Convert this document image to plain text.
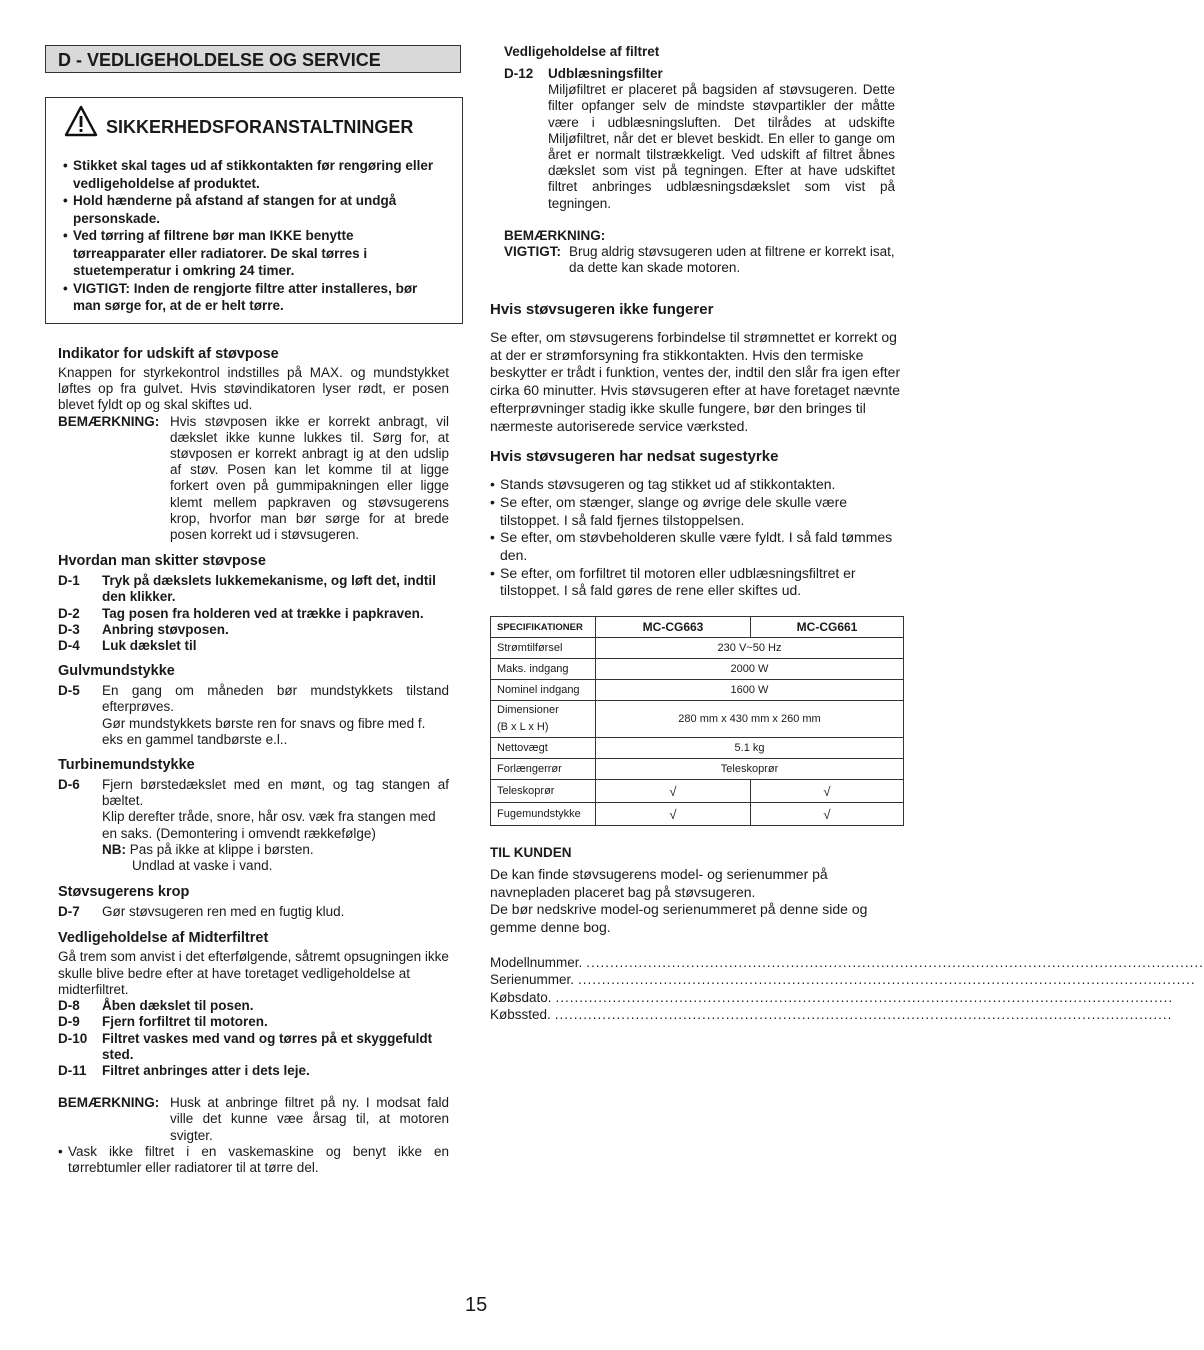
D - VEDLIGEHOLDELSE OG SERVICE
SIKKERHEDSFORANSTALTNINGER
• Stikket skal tages ud af stikkontakten før rengøring eller vedligeholdelse af produktet.
• Hold hænderne på afstand af stangen for at undgå personskade.
• Ved tørring af filtrene bør man IKKE benytte tørreapparater eller radiatorer. De skal tørres i stuetemperatur i omkring 24 timer.
• VIGTIGT: Inden de rengjorte filtre atter installeres, bør man sørge for, at de er helt tørre.

Indikator for udskift af støvpose

Knappen for styrkekontrol indstilles på MAX. og mundstykket løftes op fra gulvet. Hvis støvindikatoren lyser rødt, er posen blevet fyldt op og skal skiftes ud.

BEMÆRKNING: Hvis støvposen ikke er korrekt anbragt, vil dækslet ikke kunne lukkes til. Sørg for, at støvposen er korrekt anbragt ig at den udslip af støv. Posen kan let komme til at ligge forkert oven på gummipakningen eller ligge klemt mellem papkraven og støvsugerens krop, hvorfor man bør sørge for at brede posen korrekt ud i støvsugeren.

Hvordan man skitter støvpose

D-1	Tryk på dækslets lukkemekanisme, og løft det, indtil den klikker.
D-2	Tag posen fra holderen ved at trække i papkraven.
D-3	Anbring støvposen.
D-4	Luk dækslet til

Gulvmundstykke

D-5	En gang om måneden bør mundstykkets tilstand efterprøves.
Gør mundstykkets børste ren for snavs og fibre med f. eks en gammel tandbørste e.l..

Turbinemundstykke

D-6	Fjern børstedækslet med en mønt, og tag stangen af bæltet.
Klip derefter tråde, snore, hår osv. væk fra stangen med en saks. (Demontering i omvendt rækkefølge)
NB: Pas på ikke at klippe i børsten.
Undlad at vaske i vand.

Støvsugerens krop

D-7	Gør støvsugeren ren med en fugtig klud.

Vedligeholdelse af Midterfiltret

Gå trem som anvist i det efterfølgende, såtremt opsugningen ikke skulle blive bedre efter at have toretaget vedligeholdelse at midterfiltret.

D-8	Åben dækslet til posen.
D-9	Fjern forfiltret til motoren.
D-10	Filtret vaskes med vand og tørres på et skyggefuldt sted.
D-11	Filtret anbringes atter i dets leje.
BEMÆRKNING: Husk at anbringe filtret på ny. I modsat fald ville det kunne væe årsag til, at motoren svigter.
• Vask ikke filtret i en vaskemaskine og benyt ikke en tørrebtumler eller radiatorer til at tørre del.

Vedligeholdelse af filtret

D-12	Udblæsningsfilter
Miljøfiltret er placeret på bagsiden af støvsugeren. Dette filter opfanger selv de mindste støvpartikler der måtte være i udblæsningsluften. Det tilrådes at udskifte Miljøfiltret, når det er blevet beskidt. En eller to gange om året er normalt tilstrækkeligt. Ved udskift af filtret åbnes dækslet som vist på tegningen. Efter at have udskiftet filtret anbringes udblæsningsdækslet som vist på tegningen.

BEMÆRKNING:

VIGTIGT: Brug aldrig støvsugeren uden at filtrene er korrekt isat, da dette kan skade motoren.

Hvis støvsugeren ikke fungerer

Se efter, om støvsugerens forbindelse til strømnettet er korrekt og at der er strømforsyning fra stikkontakten. Hvis den termiske beskytter er trådt i funktion, ventes der, indtil den slår fra igen efter cirka 60 minutter. Hvis støvsugeren efter at have foretaget nævnte efterprøvninger stadig ikke skulle fungere, bør den bringes til nærmeste autoriserede service værksted.

Hvis støvsugeren har nedsat sugestyrke

• Stands støvsugeren og tag stikket ud af stikkontakten.
• Se efter, om stænger, slange og øvrige dele skulle være tilstoppet. I så fald fjernes tilstoppelsen.
• Se efter, om støvbeholderen skulle være fyldt. I så fald tømmes den.
• Se efter, om forfiltret til motoren eller udblæsningsfiltret er tilstoppet. I så fald gøres de rene eller skiftes ud.
SPECIFIKATIONER	MC-CG663	MC-CG661
Strømtilførsel	230 V~50 Hz	
Maks. indgang	2000 W	
Nominel indgang	1600 W	

Dimensioner
(B x L x H)	280 mm x 430 mm x 260 mm	
Nettovægt	5.1 kg	
Forlængerrør	Teleskoprør	
Teleskoprør	√	√
Fugemundstykke	√	√

TIL KUNDEN

De kan finde støvsugerens model- og serienummer på navnepladen placeret bag på støvsugeren.

De bør nedskrive model-og serienummeret på denne side og gemme denne bog.

Modellnummer. ..................................................................................................................................
Serienummer. ..................................................................................................................................
Købsdato. ..................................................................................................................................
Købssted. ..................................................................................................................................
15
